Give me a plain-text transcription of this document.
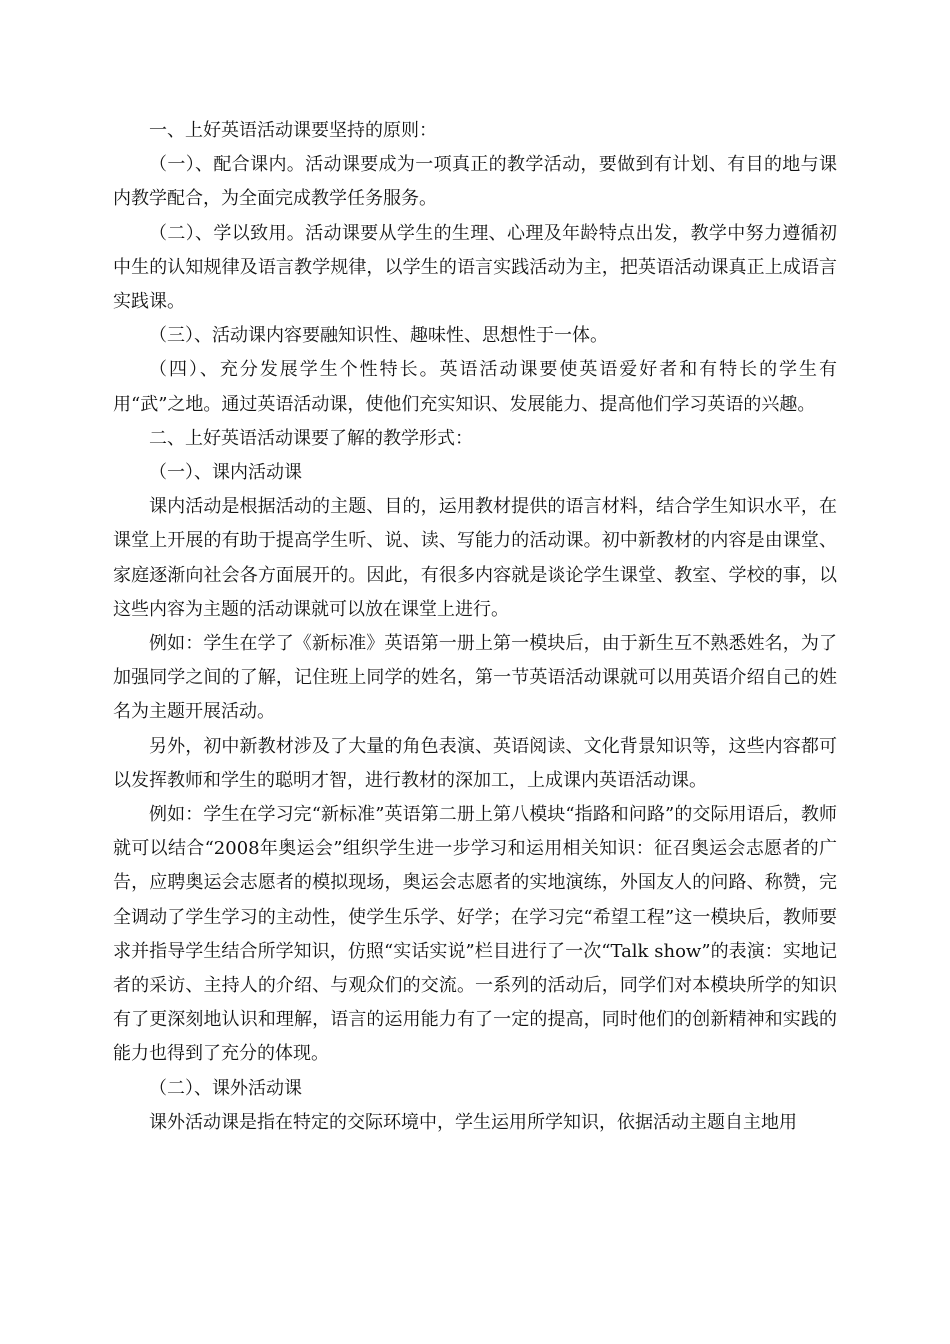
一、上好英语活动课要坚持的原则：

（一）、配合课内。活动课要成为一项真正的教学活动，要做到有计划、有目的地与课内教学配合，为全面完成教学任务服务。

（二）、学以致用。活动课要从学生的生理、心理及年龄特点出发，教学中努力遵循初中生的认知规律及语言教学规律，以学生的语言实践活动为主，把英语活动课真正上成语言实践课。

（三）、活动课内容要融知识性、趣味性、思想性于一体。

（四）、充分发展学生个性特长。英语活动课要使英语爱好者和有特长的学生有用“武”之地。通过英语活动课，使他们充实知识、发展能力、提高他们学习英语的兴趣。

二、上好英语活动课要了解的教学形式：

（一）、课内活动课

课内活动是根据活动的主题、目的，运用教材提供的语言材料，结合学生知识水平，在课堂上开展的有助于提高学生听、说、读、写能力的活动课。初中新教材的内容是由课堂、家庭逐渐向社会各方面展开的。因此，有很多内容就是谈论学生课堂、教室、学校的事，以这些内容为主题的活动课就可以放在课堂上进行。

例如：学生在学了《新标准》英语第一册上第一模块后，由于新生互不熟悉姓名，为了加强同学之间的了解，记住班上同学的姓名，第一节英语活动课就可以用英语介绍自己的姓名为主题开展活动。

另外，初中新教材涉及了大量的角色表演、英语阅读、文化背景知识等，这些内容都可以发挥教师和学生的聪明才智，进行教材的深加工，上成课内英语活动课。

例如：学生在学习完“新标准”英语第二册上第八模块“指路和问路”的交际用语后，教师就可以结合“2008年奥运会”组织学生进一步学习和运用相关知识：征召奥运会志愿者的广告，应聘奥运会志愿者的模拟现场，奥运会志愿者的实地演练，外国友人的问路、称赞，完全调动了学生学习的主动性，使学生乐学、好学；在学习完“希望工程”这一模块后，教师要求并指导学生结合所学知识，仿照“实话实说”栏目进行了一次“Talk show”的表演：实地记者的采访、主持人的介绍、与观众们的交流。一系列的活动后，同学们对本模块所学的知识有了更深刻地认识和理解，语言的运用能力有了一定的提高，同时他们的创新精神和实践的能力也得到了充分的体现。

（二）、课外活动课

课外活动课是指在特定的交际环境中，学生运用所学知识，依据活动主题自主地用
